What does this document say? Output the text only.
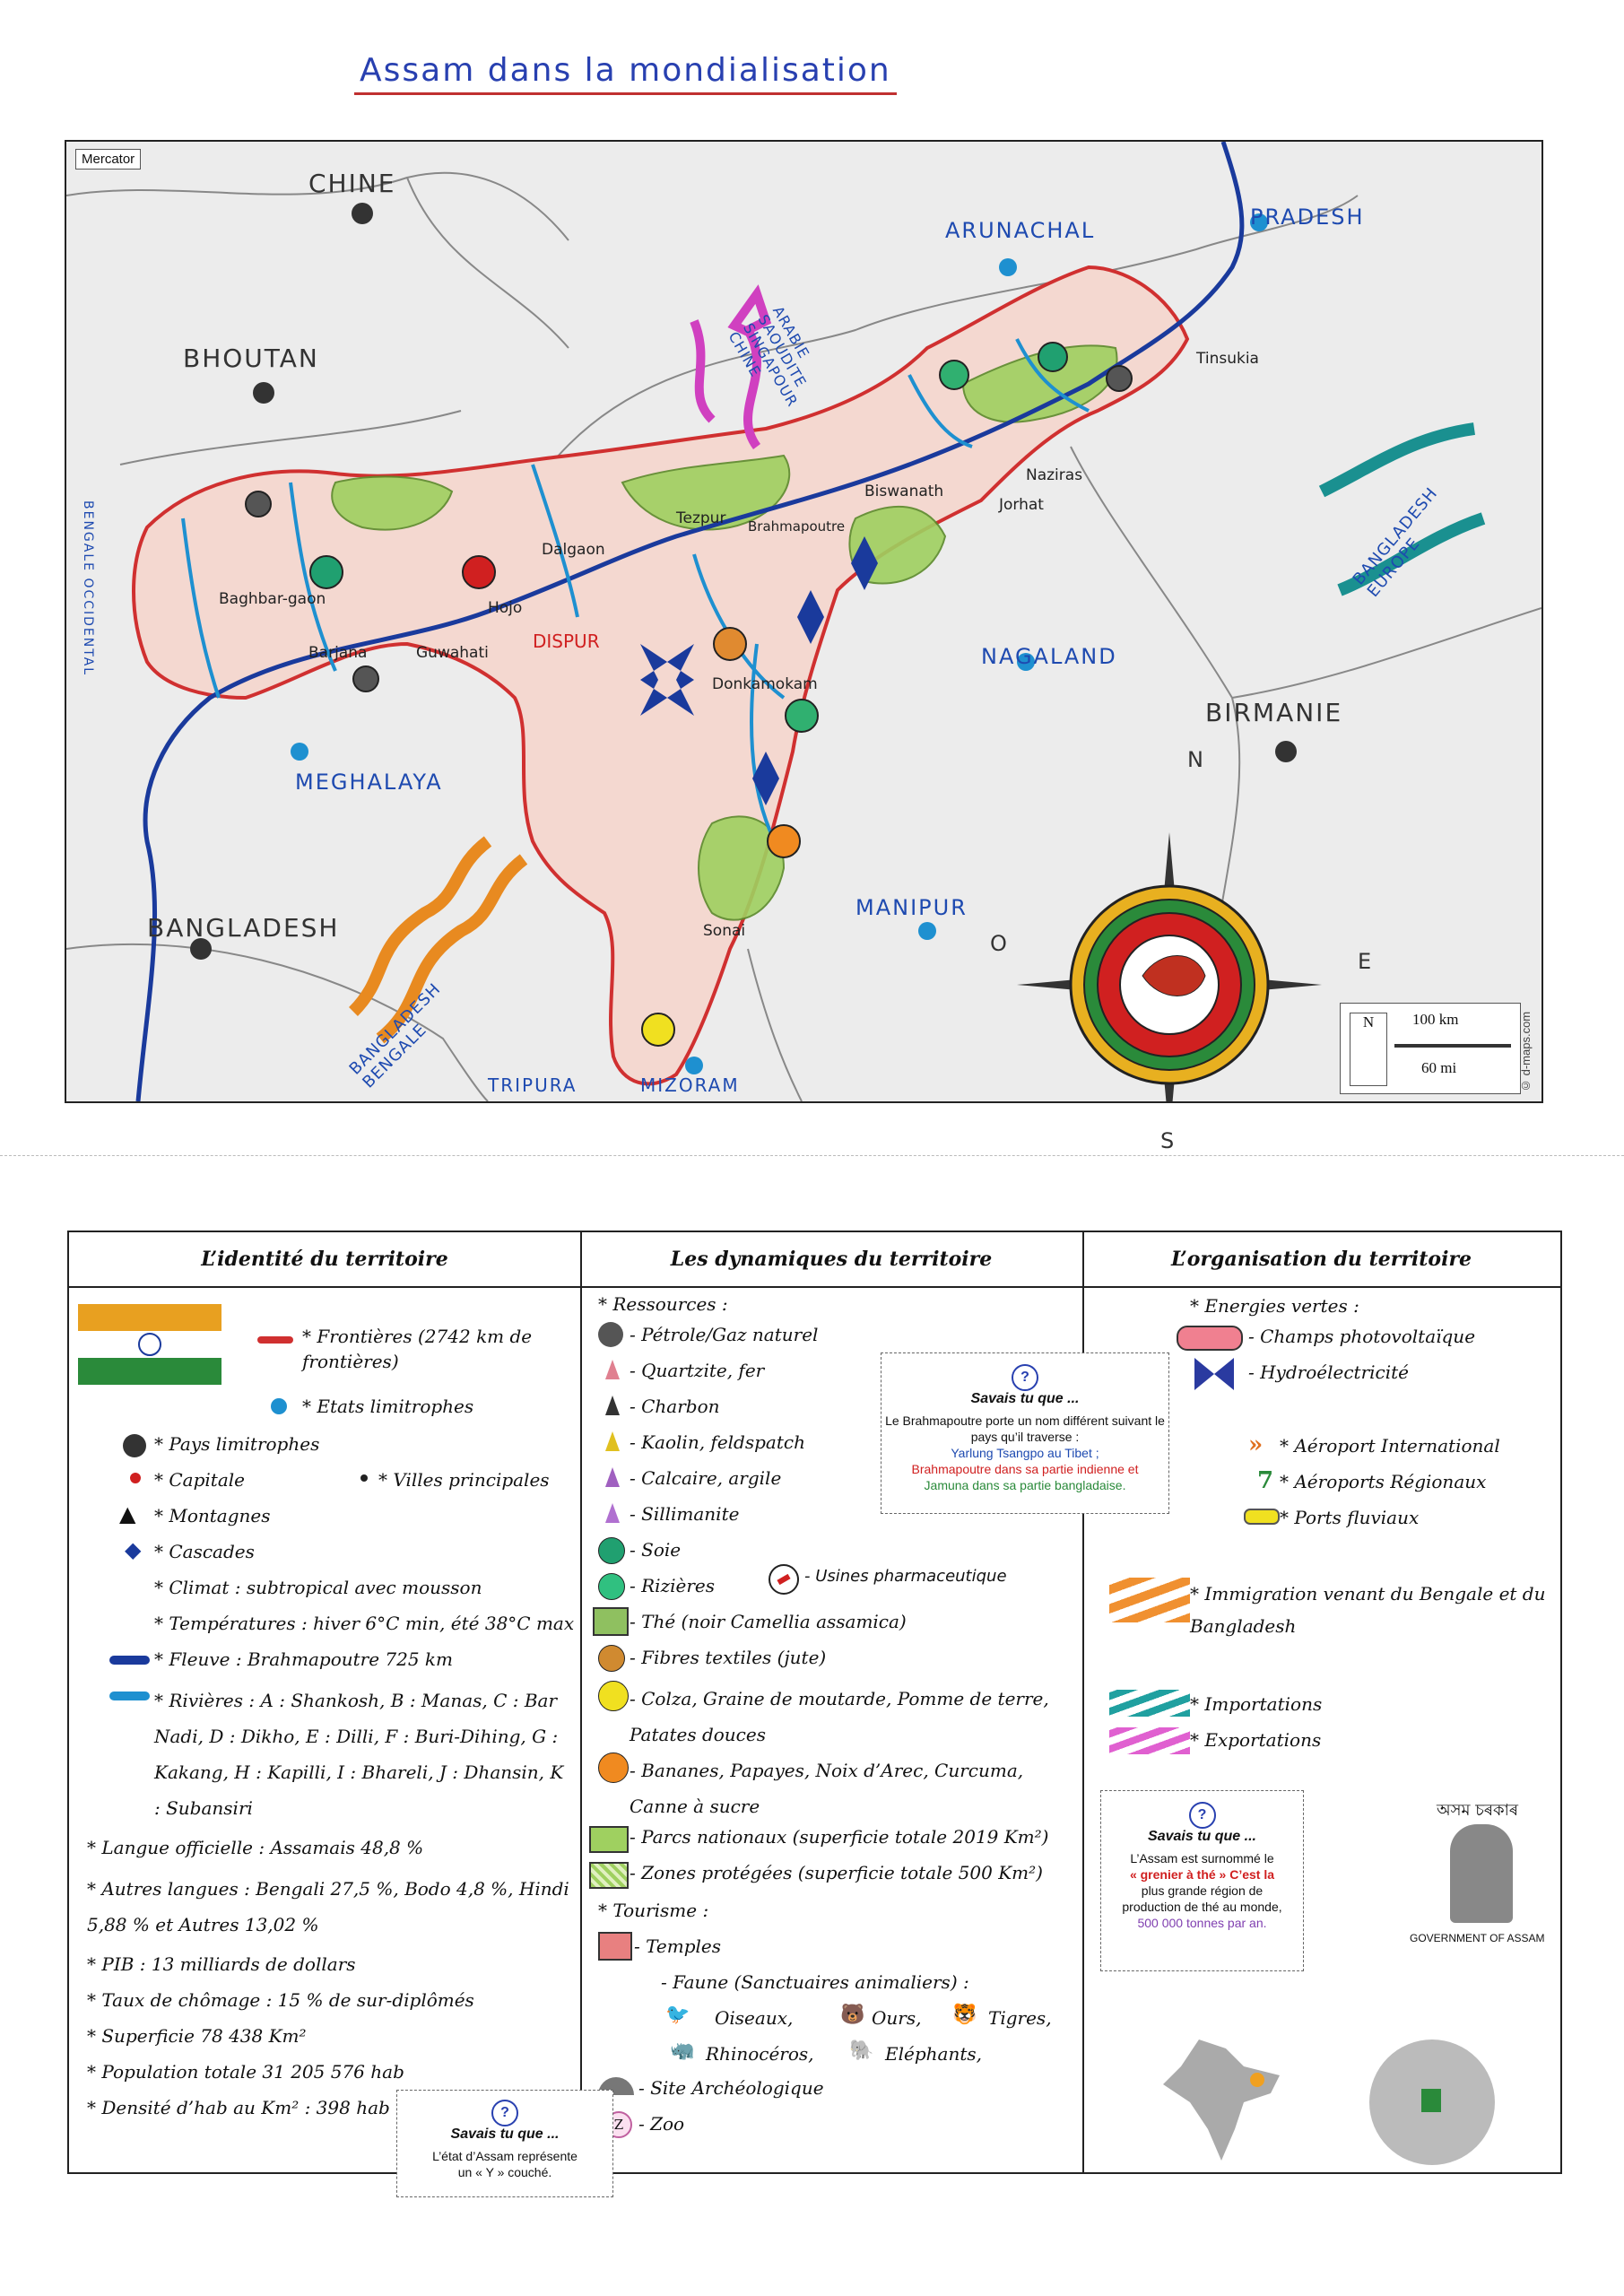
Assam dans la mondialisation
Mercator
CHINE
BHOUTAN
BANGLADESH
BIRMANIE
ARUNACHAL
PRADESH
NAGALAND
MEGHALAYA
MANIPUR
TRIPURA	MIZORAM
BENGALE OCCIDENTAL
Tinsukia
Biswanath
Naziras
Jorhat
Tezpur
Dalgaon
Baghbar-gaon	Hojo
Barjana	Guwahati
Donkamokam
Sonai
Brahmapoutre
DISPUR
ARABIE SAOUDITE SINGAPOUR CHINE
BANGLADESH EUROPE
BANGLADESH BENGALE
N
S
E
O
N	100 km
60 mi	© d-maps.com
L’identité du territoire
* Frontières (2742 km de frontières)
* Etats limitrophes
* Pays limitrophes
* Capitale	* Villes principales
▲ * Montagnes
◆ * Cascades
* Climat : subtropical avec mousson
* Températures : hiver 6°C min, été 38°C max
* Fleuve : Brahmapoutre 725 km
* Rivières : A : Shankosh, B : Manas, C : Bar Nadi, D : Dikho, E : Dilli, F : Buri-Dihing, G : Kakang, H : Kapilli, I : Bhareli, J : Dhansin, K : Subansiri
* Langue officielle : Assamais 48,8 %
* Autres langues : Bengali 27,5 %, Bodo 4,8 %, Hindi 5,88 % et Autres 13,02 %
* PIB : 13 milliards de dollars
* Taux de chômage : 15 % de sur-diplômés
* Superficie 78 438 Km²
* Population totale 31 205 576 hab
* Densité d’hab au Km² : 398 hab
Les dynamiques du territoire
* Ressources :
- Pétrole/Gaz naturel
- Quartzite, fer
- Charbon
- Kaolin, feldspatch
- Calcaire, argile
- Sillimanite
- Soie
- Rizières	- Usines pharmaceutique
- Thé (noir Camellia assamica)
- Fibres textiles (jute)
- Colza, Graine de moutarde, Pomme de terre, Patates douces
- Bananes, Papayes, Noix d’Arec, Curcuma, Canne à sucre
- Parcs nationaux (superficie totale 2019 Km²)
- Zones protégées (superficie totale 500 Km²)
* Tourisme :
- Temples
- Faune (Sanctuaires animaliers) :
🐦 Oiseaux, 🐻 Ours, 🐯 Tigres,
🦏 Rhinocéros, 🐘 Eléphants,
- Site Archéologique
Z - Zoo
L’organisation du territoire
* Energies vertes :
- Champs photovoltaïque
- Hydroélectricité
» * Aéroport International
7 * Aéroports Régionaux
* Ports fluviaux
* Immigration venant du Bengale et du Bangladesh
* Importations
* Exportations
অসম চৰকাৰ
GOVERNMENT OF ASSAM
?
Savais tu que ...
Le Brahmapoutre porte un nom différent suivant le pays qu’il traverse :
Yarlung Tsangpo au Tibet ;
Brahmapoutre dans sa partie indienne et
Jamuna dans sa partie bangladaise.
?
Savais tu que ...
L’Assam est surnommé le
« grenier à thé » C’est la
plus grande région de
production de thé au monde,
500 000 tonnes par an.
?
Savais tu que ...
L’état d’Assam représente
un « Y » couché.
